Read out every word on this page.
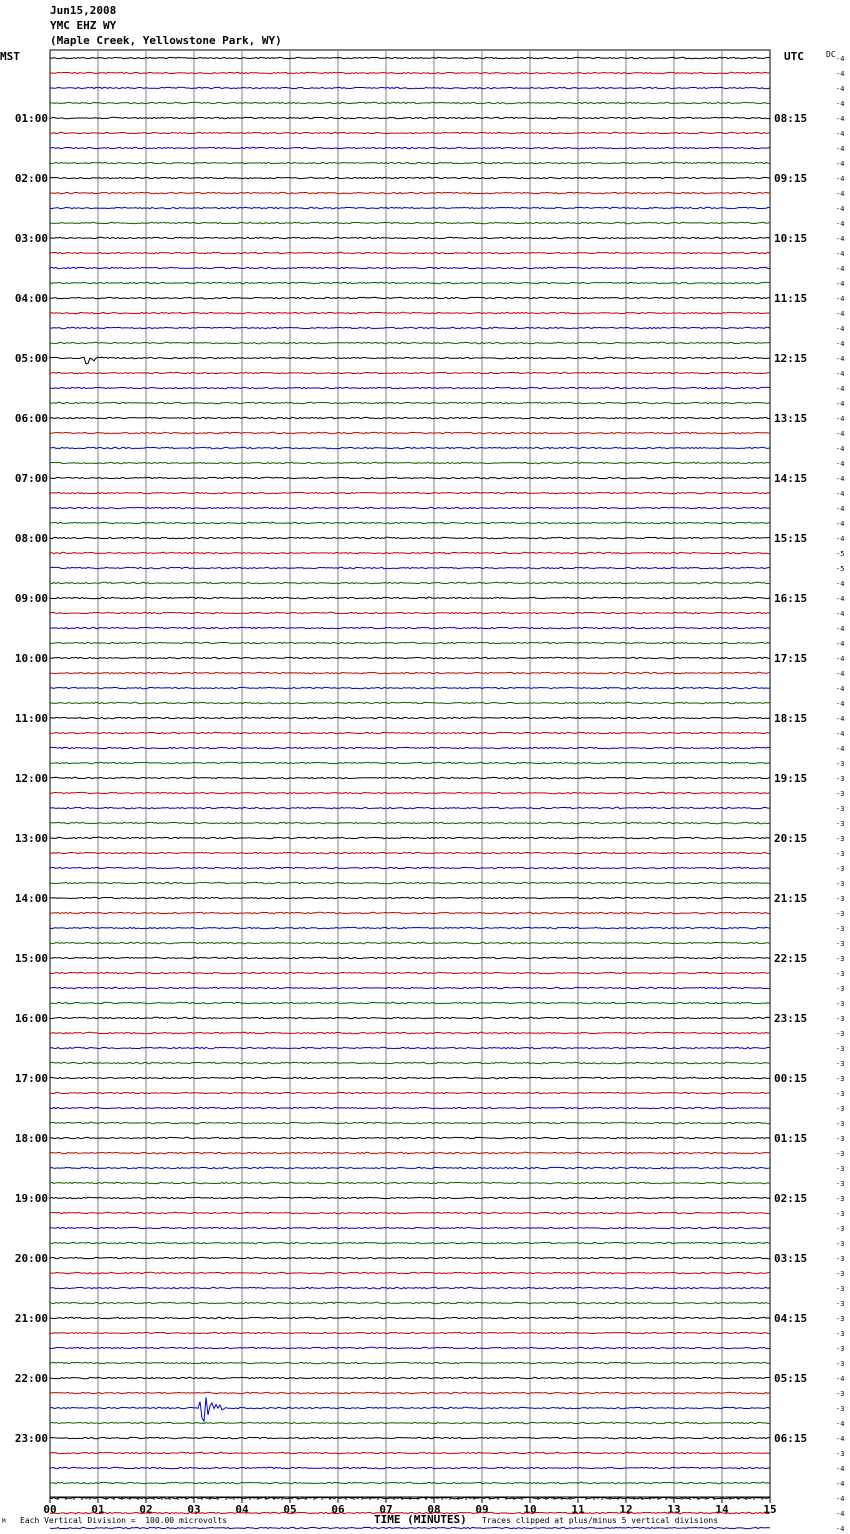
Jun15,2008
YMC EHZ WY
(Maple Creek, Yellowstone Park, WY)
MST	UTC	DC
00	01	02	03	04	05	06	07	08	09	10	11	12	13	14	15
-4
-4
-4
-4
-4
01:00	08:15
-4
-4
-4
-4
02:00	09:15
-4
-4
-4
-4
03:00	10:15
-4
-4
-4
-4
04:00	11:15
-4
-4
-4
-4
05:00	12:15
-4
-4
-4
-4
06:00	13:15
-4
-4
-4
-4
07:00	14:15
-4
-4
-4
-4
08:00	15:15
-5
-5
-4
-4
09:00	16:15
-4
-4
-4
-4
10:00	17:15
-4
-4
-4
-4
11:00	18:15
-4
-4
-3
-3
12:00	19:15
-3
-3
-3
-3
13:00	20:15
-3
-3
-3
-3
14:00	21:15
-3
-3
-3
-3
15:00	22:15
-3
-3
-3
-3
16:00	23:15
-3
-3
-3
-3
17:00	00:15
-3
-3
-3
-3
18:00	01:15
-3
-3
-3
-3
19:00	02:15
-3
-3
-3
-3
20:00	03:15
-3
-3
-3
-3
21:00	04:15
-3
-3
-3
-4
22:00	05:15
-3
-3
-4
-4
23:00	06:15
-3
-4
-4
-4
-4
-4
M Each Vertical Division =  100.00 microvolts	TIME (MINUTES) Traces clipped at plus/minus 5 vertical divisions
